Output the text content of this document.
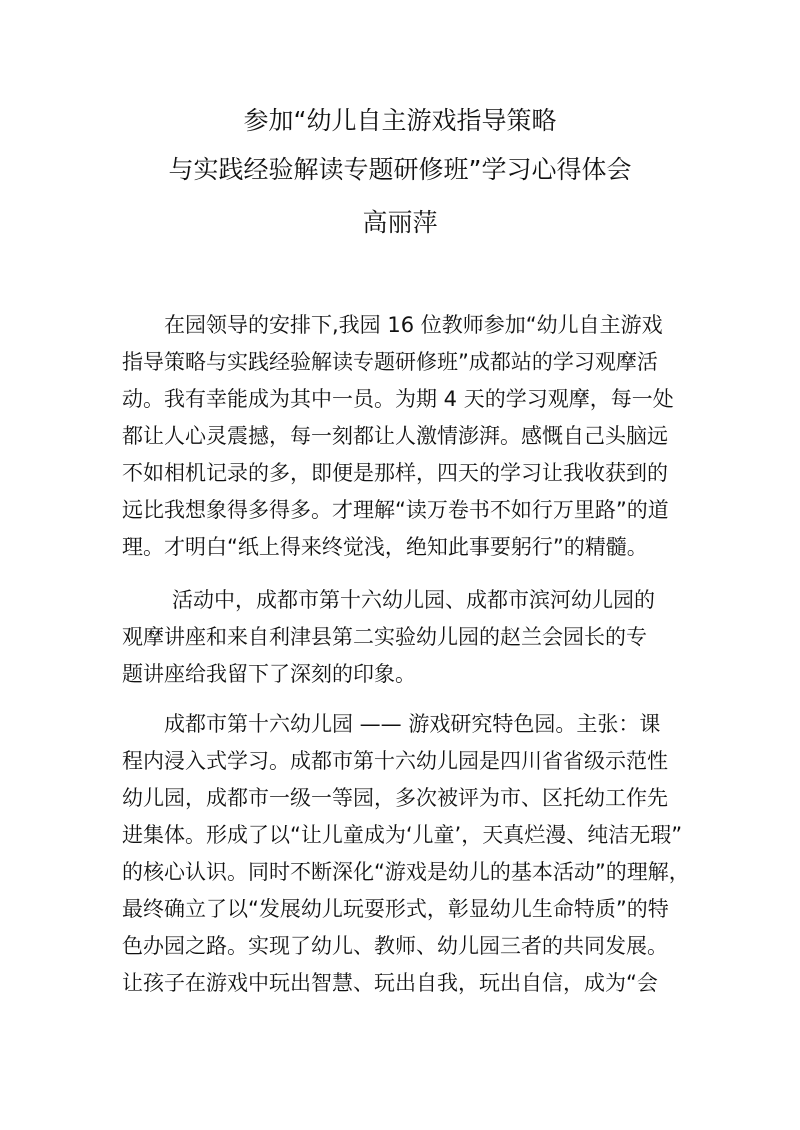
参加“幼儿自主游戏指导策略
与实践经验解读专题研修班”学习心得体会
高丽萍
在园领导的安排下,我园 16 位教师参加“幼儿自主游戏
指导策略与实践经验解读专题研修班”成都站的学习观摩活
动。我有幸能成为其中一员。为期 4 天的学习观摩，每一处
都让人心灵震撼，每一刻都让人激情澎湃。感慨自己头脑远
不如相机记录的多，即便是那样，四天的学习让我收获到的
远比我想象得多得多。才理解“读万卷书不如行万里路”的道
理。才明白“纸上得来终觉浅，绝知此事要躬行”的精髓。
活动中，成都市第十六幼儿园、成都市滨河幼儿园的
观摩讲座和来自利津县第二实验幼儿园的赵兰会园长的专
题讲座给我留下了深刻的印象。
成都市第十六幼儿园 —— 游戏研究特色园。主张：课
程内浸入式学习。成都市第十六幼儿园是四川省省级示范性
幼儿园，成都市一级一等园，多次被评为市、区托幼工作先
进集体。形成了以“让儿童成为‘儿童’，天真烂漫、纯洁无瑕”
的核心认识。同时不断深化“游戏是幼儿的基本活动”的理解，
最终确立了以“发展幼儿玩耍形式，彰显幼儿生命特质”的特
色办园之路。实现了幼儿、教师、幼儿园三者的共同发展。
让孩子在游戏中玩出智慧、玩出自我，玩出自信，成为“会
